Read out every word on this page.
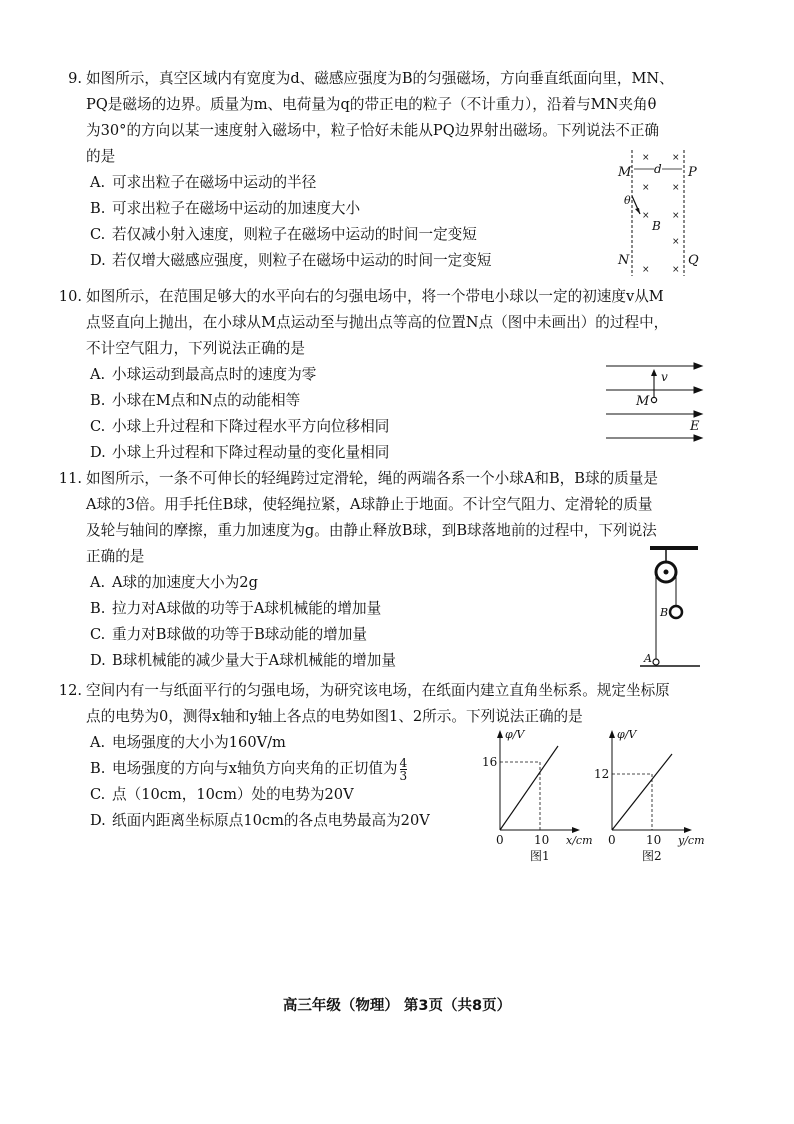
9. 如图所示，真空区域内有宽度为d、磁感应强度为B的匀强磁场，方向垂直纸面向里，MN、
PQ是磁场的边界。质量为m、电荷量为q的带正电的粒子（不计重力），沿着与MN夹角θ
为30°的方向以某一速度射入磁场中，粒子恰好未能从PQ边界射出磁场。下列说法不正确
的是
A. 可求出粒子在磁场中运动的半径
B. 可求出粒子在磁场中运动的加速度大小
C. 若仅减小射入速度，则粒子在磁场中运动的时间一定变短
D. 若仅增大磁感应强度，则粒子在磁场中运动的时间一定变短
M
N
P
Q
d
B
θ
× ×
× ×
× ×
×
× ×
10. 如图所示，在范围足够大的水平向右的匀强电场中，将一个带电小球以一定的初速度v从M
点竖直向上抛出，在小球从M点运动至与抛出点等高的位置N点（图中未画出）的过程中，
不计空气阻力，下列说法正确的是
A. 小球运动到最高点时的速度为零
B. 小球在M点和N点的动能相等
C. 小球上升过程和下降过程水平方向位移相同
D. 小球上升过程和下降过程动量的变化量相同
v
M
E
11. 如图所示，一条不可伸长的轻绳跨过定滑轮，绳的两端各系一个小球A和B，B球的质量是
A球的3倍。用手托住B球，使轻绳拉紧，A球静止于地面。不计空气阻力、定滑轮的质量
及轮与轴间的摩擦，重力加速度为g。由静止释放B球，到B球落地前的过程中，下列说法
正确的是
A. A球的加速度大小为2g
B. 拉力对A球做的功等于A球机械能的增加量
C. 重力对B球做的功等于B球动能的增加量
D. B球机械能的减少量大于A球机械能的增加量
B
A
12. 空间内有一与纸面平行的匀强电场，为研究该电场，在纸面内建立直角坐标系。规定坐标原
点的电势为0，测得x轴和y轴上各点的电势如图1、2所示。下列说法正确的是
A. 电场强度的大小为160V/m
B. 电场强度的方向与x轴负方向夹角的正切值为 $\frac{4}{3}$
C. 点（10cm，10cm）处的电势为20V
D. 纸面内距离坐标原点10cm的各点电势最高为20V
φ/V
16
0	10 x/cm
图1
φ/V
12
0	10 y/cm
图2
高三年级（物理） 第3页（共8页）
